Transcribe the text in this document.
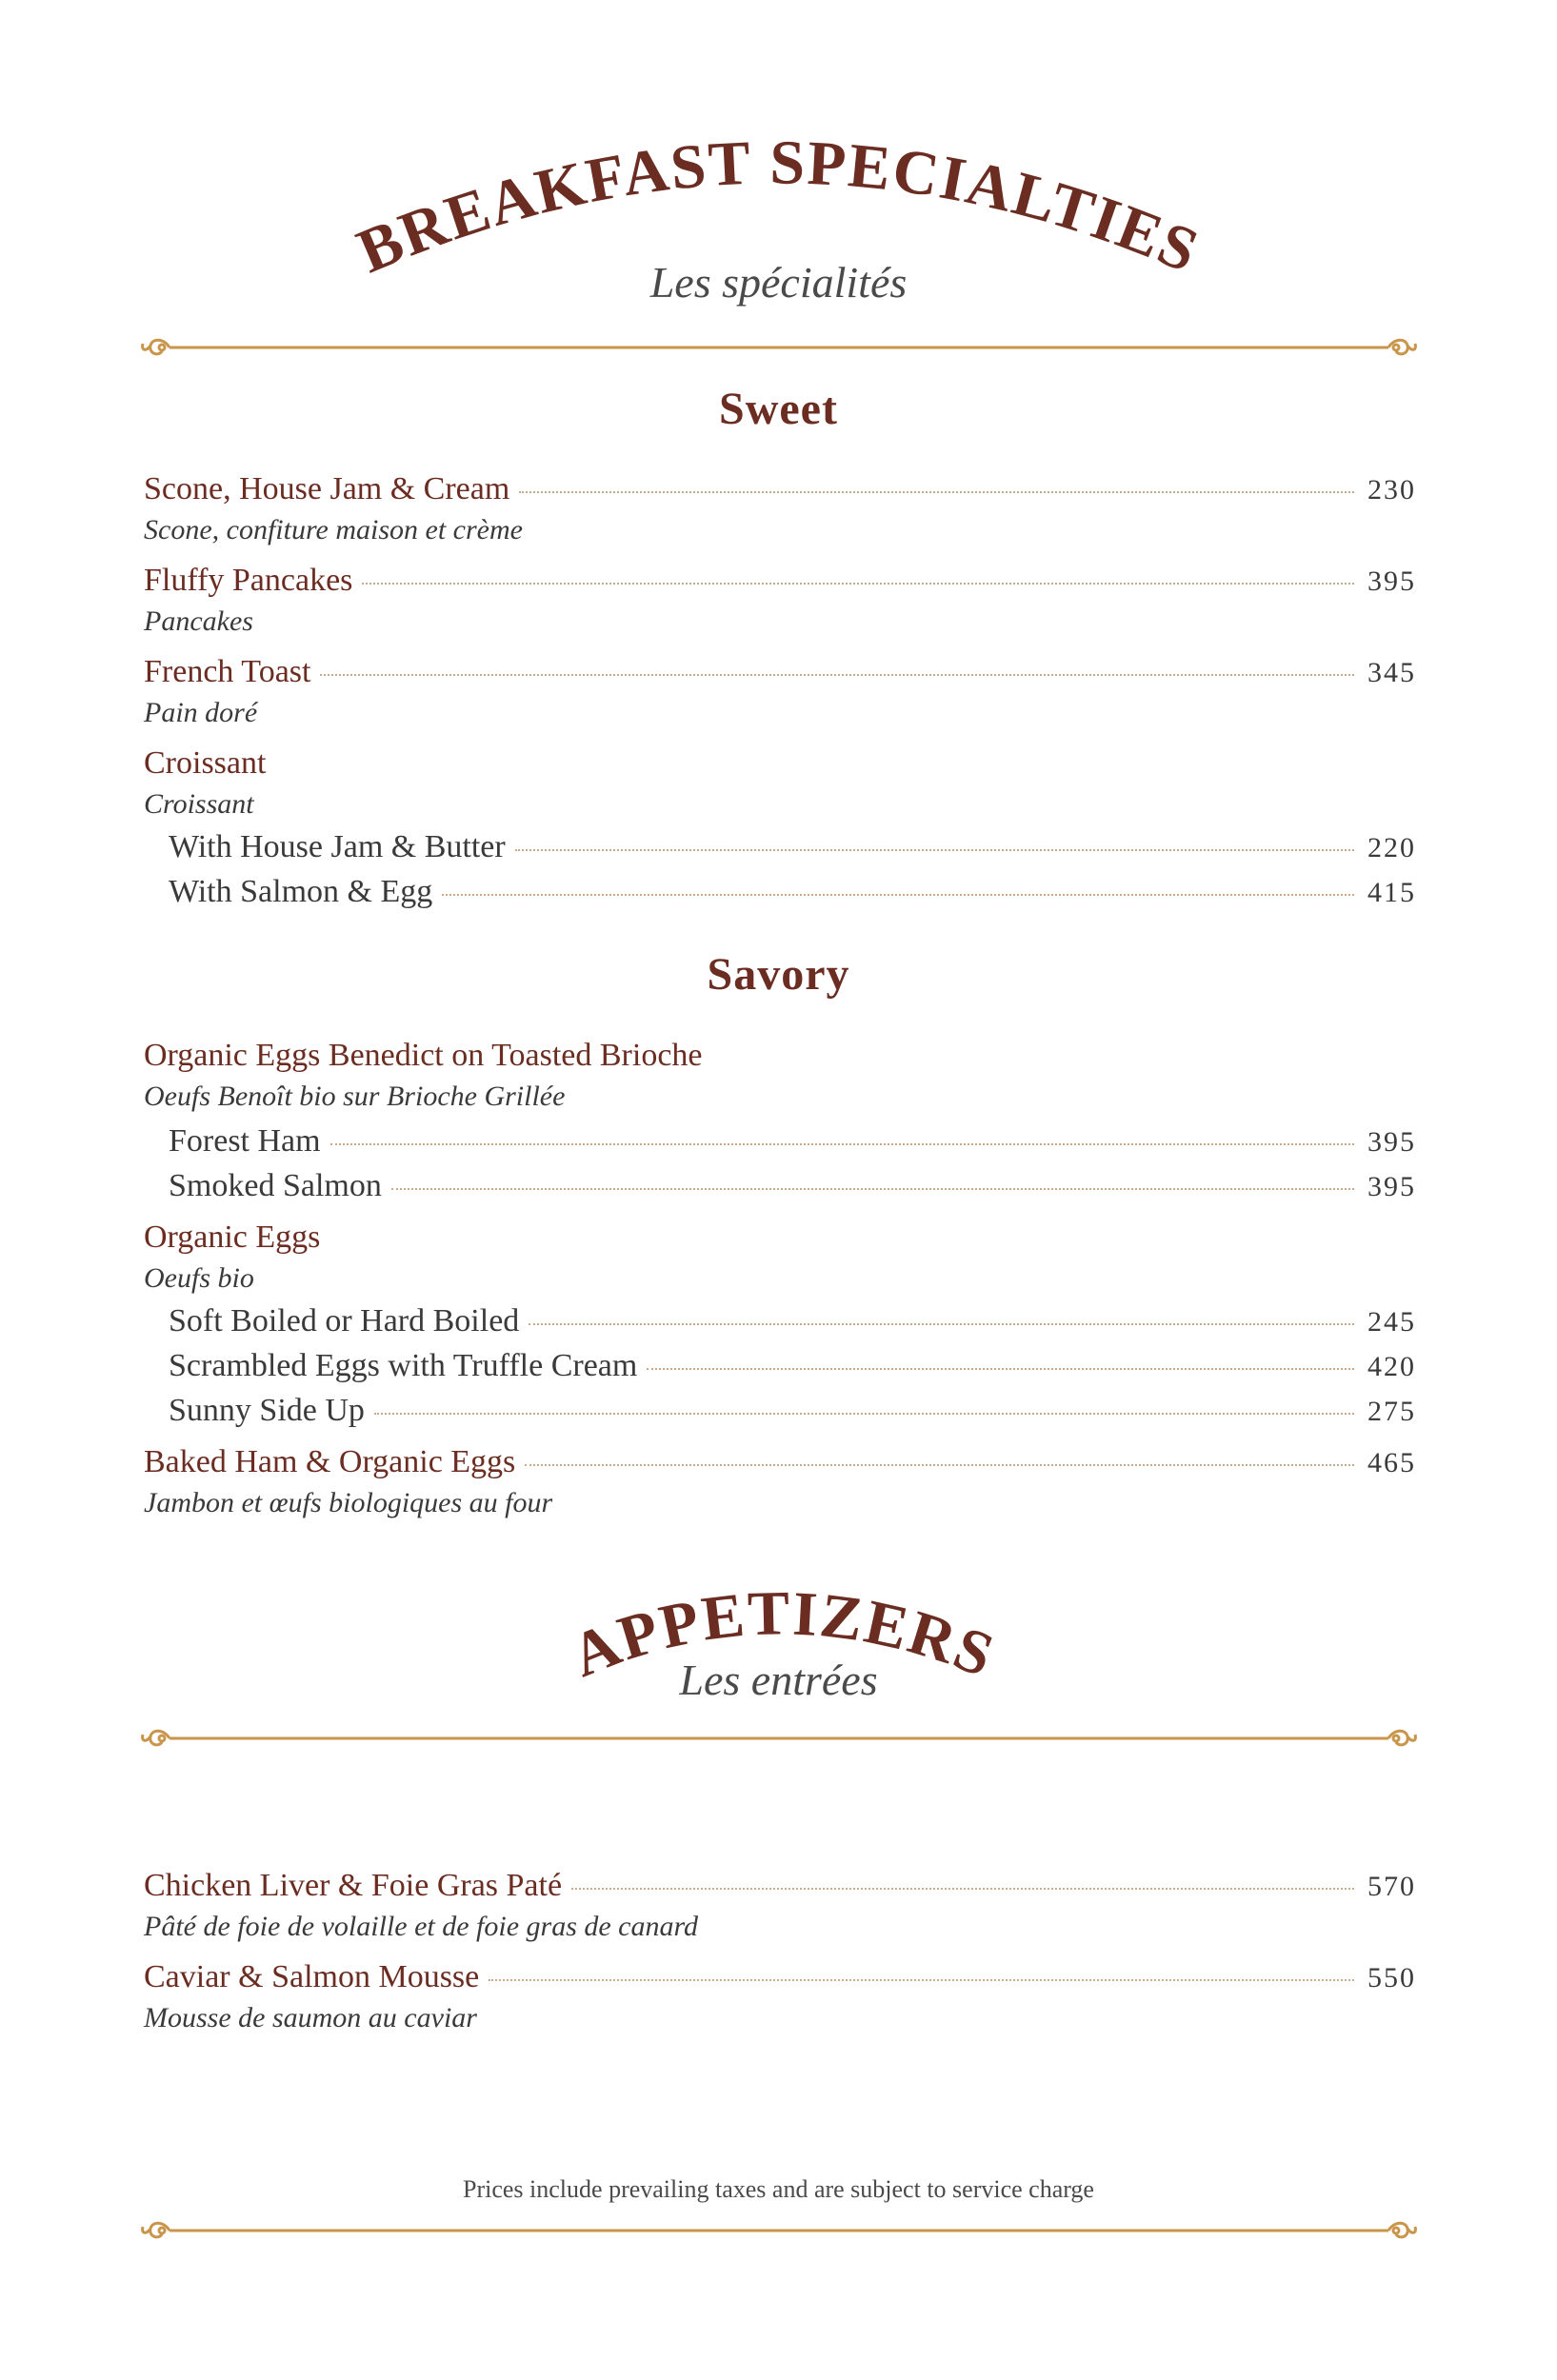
BREAKFAST SPECIALTIES
Les spécialités
Sweet
Scone, House Jam & Cream	230
Scone, confiture maison et crème
Fluffy Pancakes	395
Pancakes
French Toast	345
Pain doré
Croissant
Croissant
With House Jam & Butter	220
With Salmon & Egg	415
Savory
Organic Eggs Benedict on Toasted Brioche
Oeufs Benoît bio sur Brioche Grillée
Forest Ham	395
Smoked Salmon	395
Organic Eggs
Oeufs bio
Soft Boiled or Hard Boiled	245
Scrambled Eggs with Truffle Cream	420
Sunny Side Up	275
Baked Ham & Organic Eggs	465
Jambon et œufs biologiques au four
APPETIZERS
Les entrées
Chicken Liver & Foie Gras Paté	570
Pâté de foie de volaille et de foie gras de canard
Caviar & Salmon Mousse	550
Mousse de saumon au caviar
Prices include prevailing taxes and are subject to service charge
